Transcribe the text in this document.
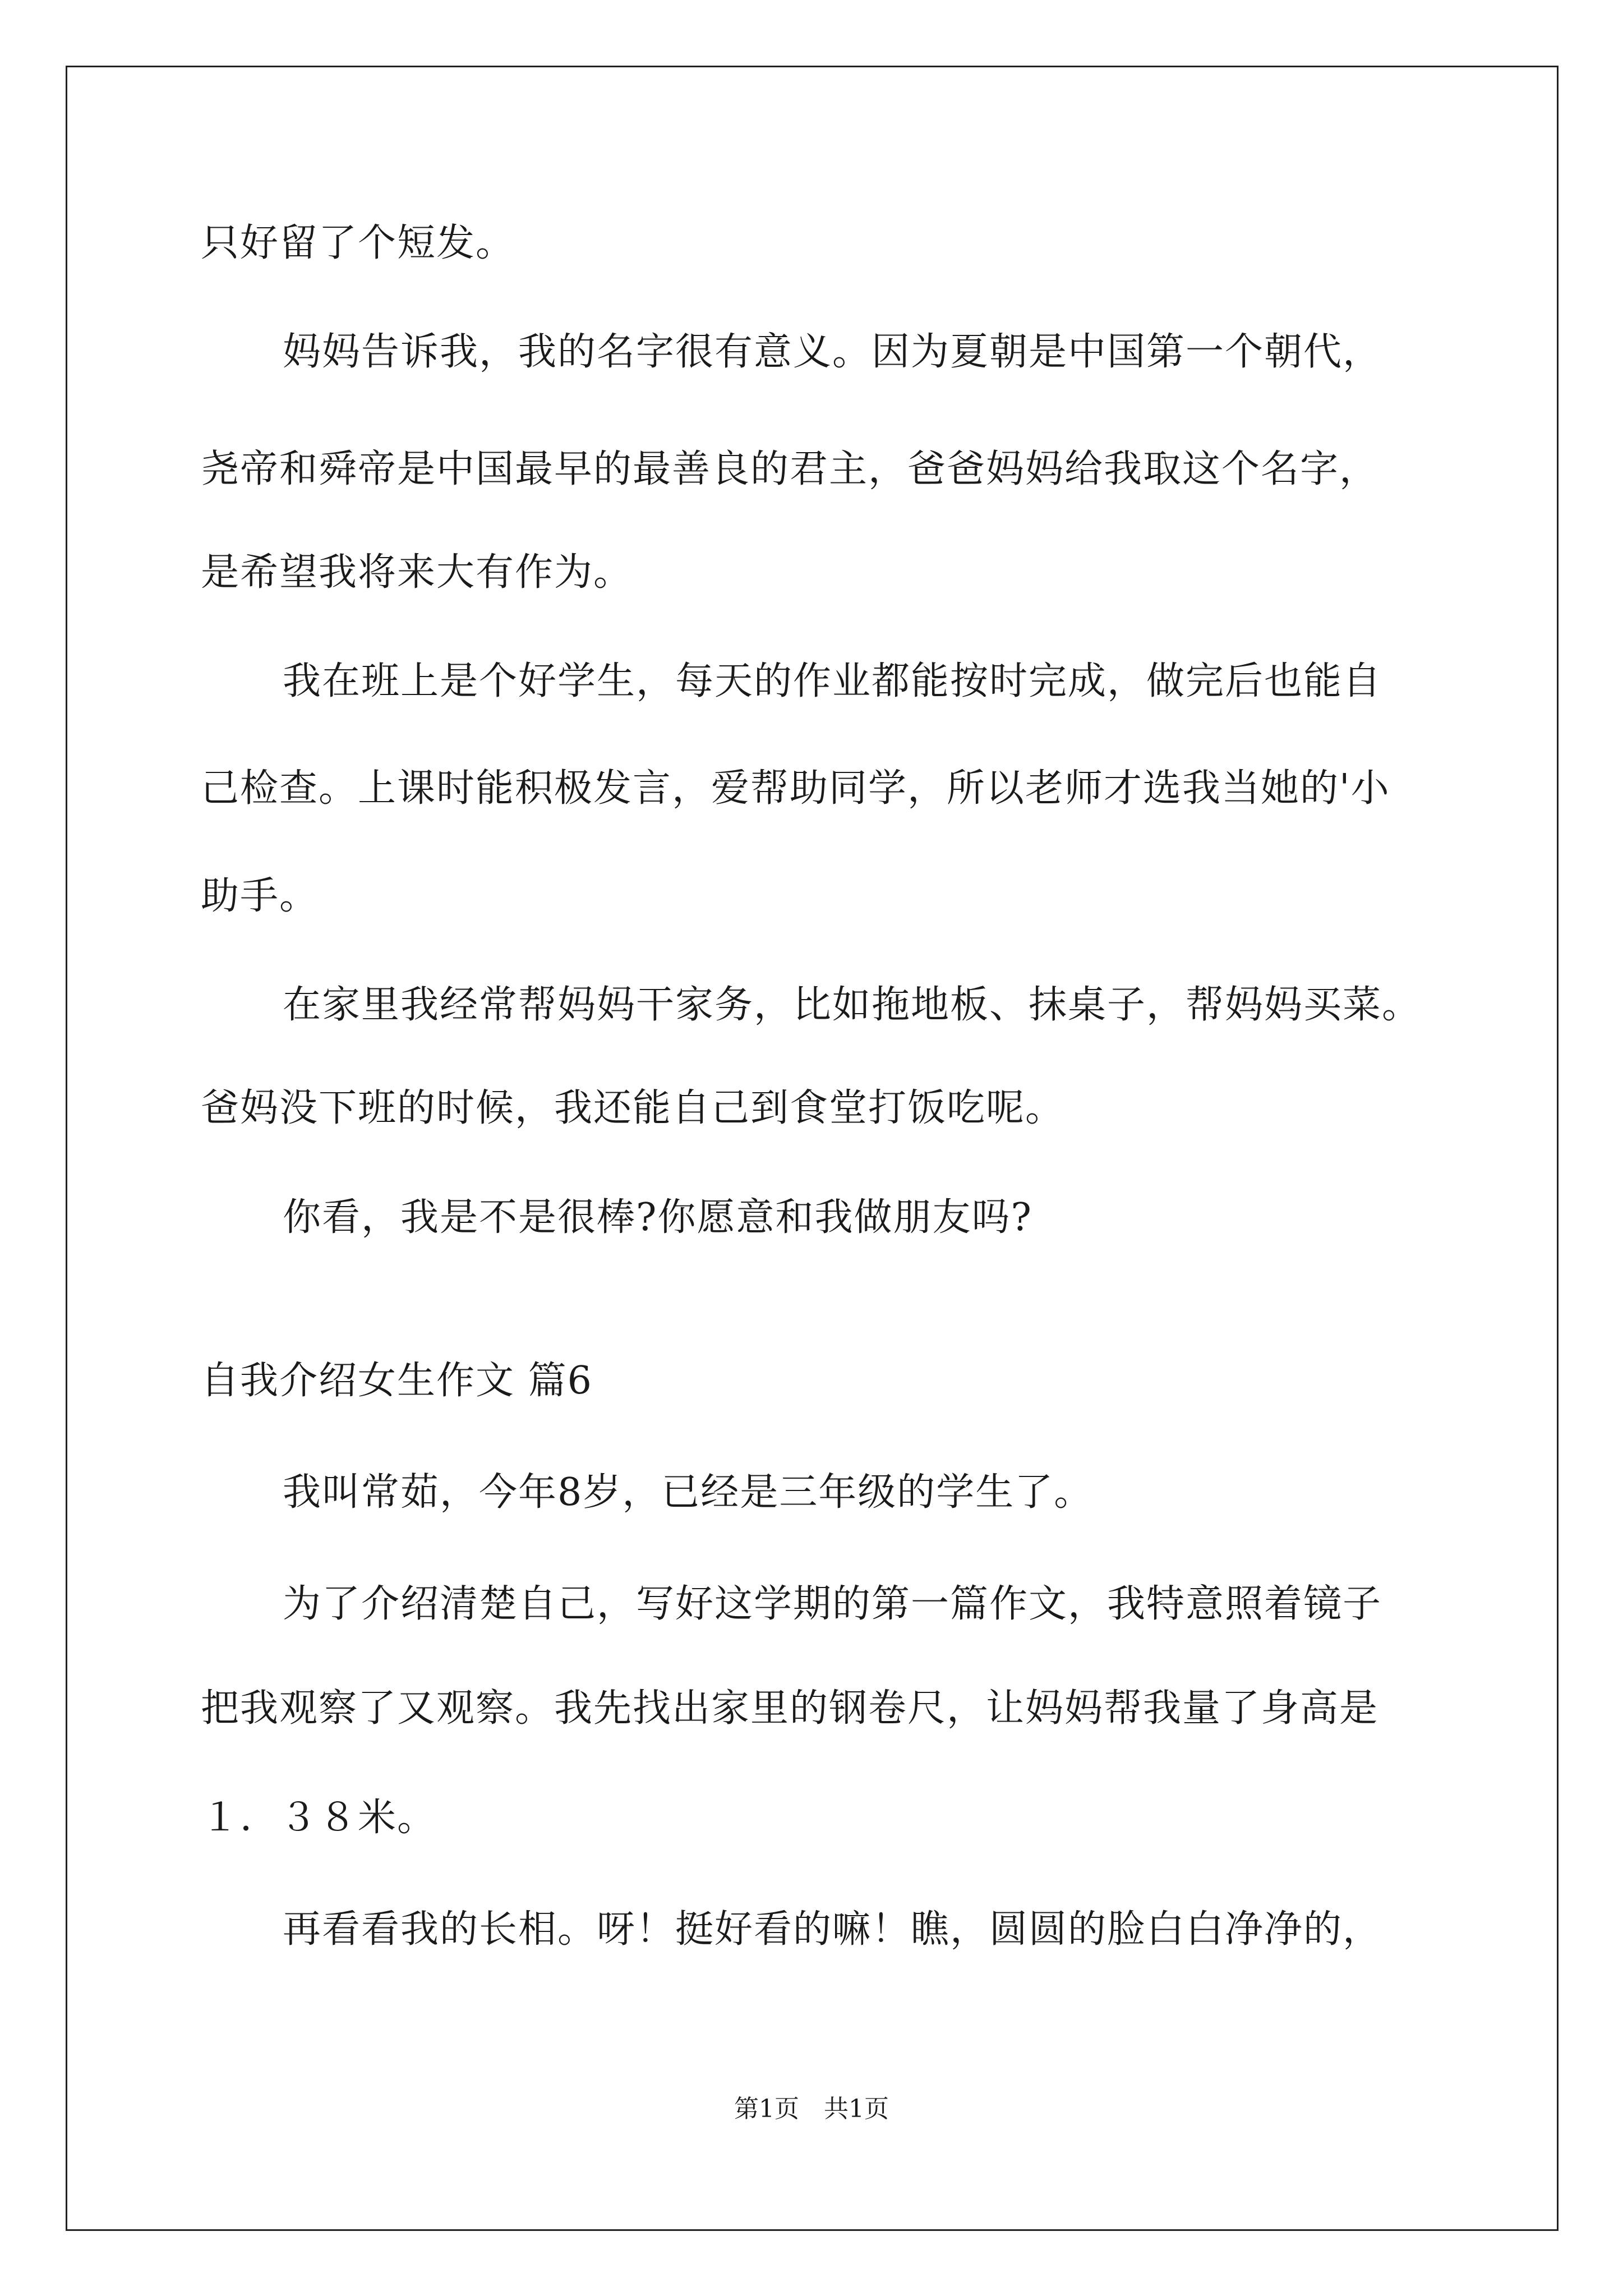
只好留了个短发。
妈妈告诉我，我的名字很有意义。因为夏朝是中国第一个朝代，
尧帝和舜帝是中国最早的最善良的君主，爸爸妈妈给我取这个名字，
是希望我将来大有作为。
我在班上是个好学生，每天的作业都能按时完成，做完后也能自
己检查。上课时能积极发言，爱帮助同学，所以老师才选我当她的'小
助手。
在家里我经常帮妈妈干家务，比如拖地板、抹桌子，帮妈妈买菜。
爸妈没下班的时候，我还能自己到食堂打饭吃呢。
你看，我是不是很棒?你愿意和我做朋友吗?
自我介绍女生作文 篇6
我叫常茹，今年8岁，已经是三年级的学生了。
为了介绍清楚自己，写好这学期的第一篇作文，我特意照着镜子
把我观察了又观察。我先找出家里的钢卷尺，让妈妈帮我量了身高是
１．３８米。
再看看我的长相。呀！挺好看的嘛！瞧，圆圆的脸白白净净的，
第1页　共1页
